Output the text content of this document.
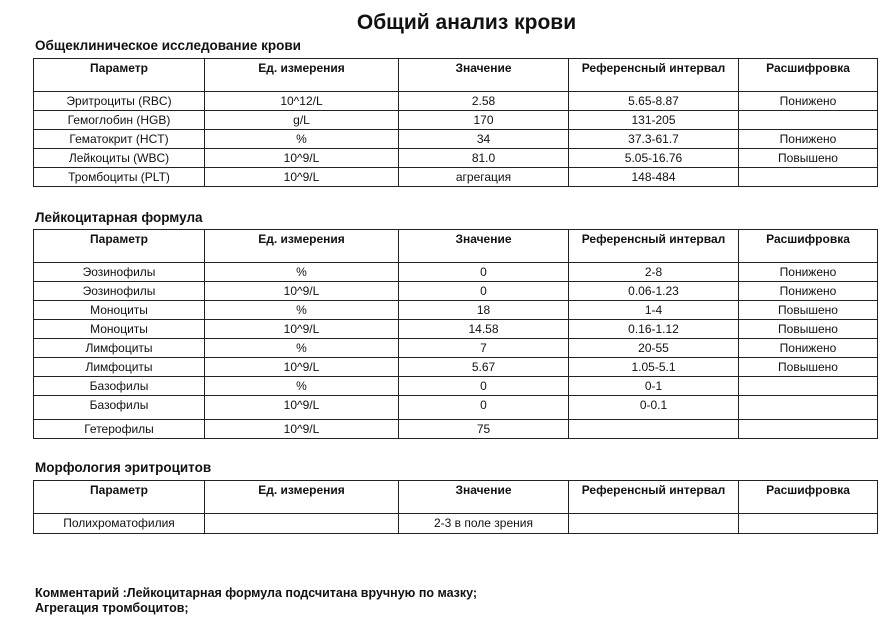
Общий анализ крови
Общеклиническое исследование крови
Параметр	Ед. измерения	Значение	Референсный интервал	Расшифровка
Эритроциты (RBC)	10^12/L	2.58	5.65-8.87	Понижено
Гемоглобин (HGB)	g/L	170	131-205	
Гематокрит (HCT)	%	34	37.3-61.7	Понижено
Лейкоциты (WBC)	10^9/L	81.0	5.05-16.76	Повышено
Тромбоциты (PLT)	10^9/L	агрегация	148-484	
Лейкоцитарная формула
Параметр	Ед. измерения	Значение	Референсный интервал	Расшифровка
Эозинофилы	%	0	2-8	Понижено
Эозинофилы	10^9/L	0	0.06-1.23	Понижено
Моноциты	%	18	1-4	Повышено
Моноциты	10^9/L	14.58	0.16-1.12	Повышено
Лимфоциты	%	7	20-55	Понижено
Лимфоциты	10^9/L	5.67	1.05-5.1	Повышено
Базофилы	%	0	0-1	
Базофилы	10^9/L	0	0-0.1	
Гетерофилы	10^9/L	75		
Морфология эритроцитов
Параметр	Ед. измерения	Значение	Референсный интервал	Расшифровка
Полихроматофилия		2-3 в поле зрения		
Комментарий :Лейкоцитарная формула подсчитана вручную по мазку;
Агрегация тромбоцитов;
